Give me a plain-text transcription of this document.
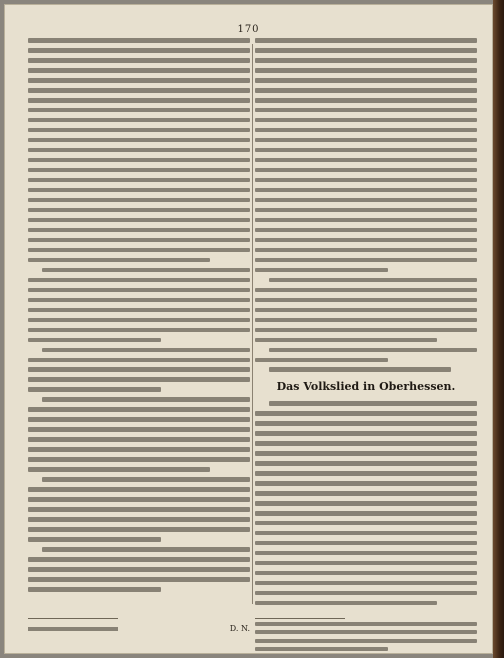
170
Das Volkslied in Oberhessen.
D. N.
